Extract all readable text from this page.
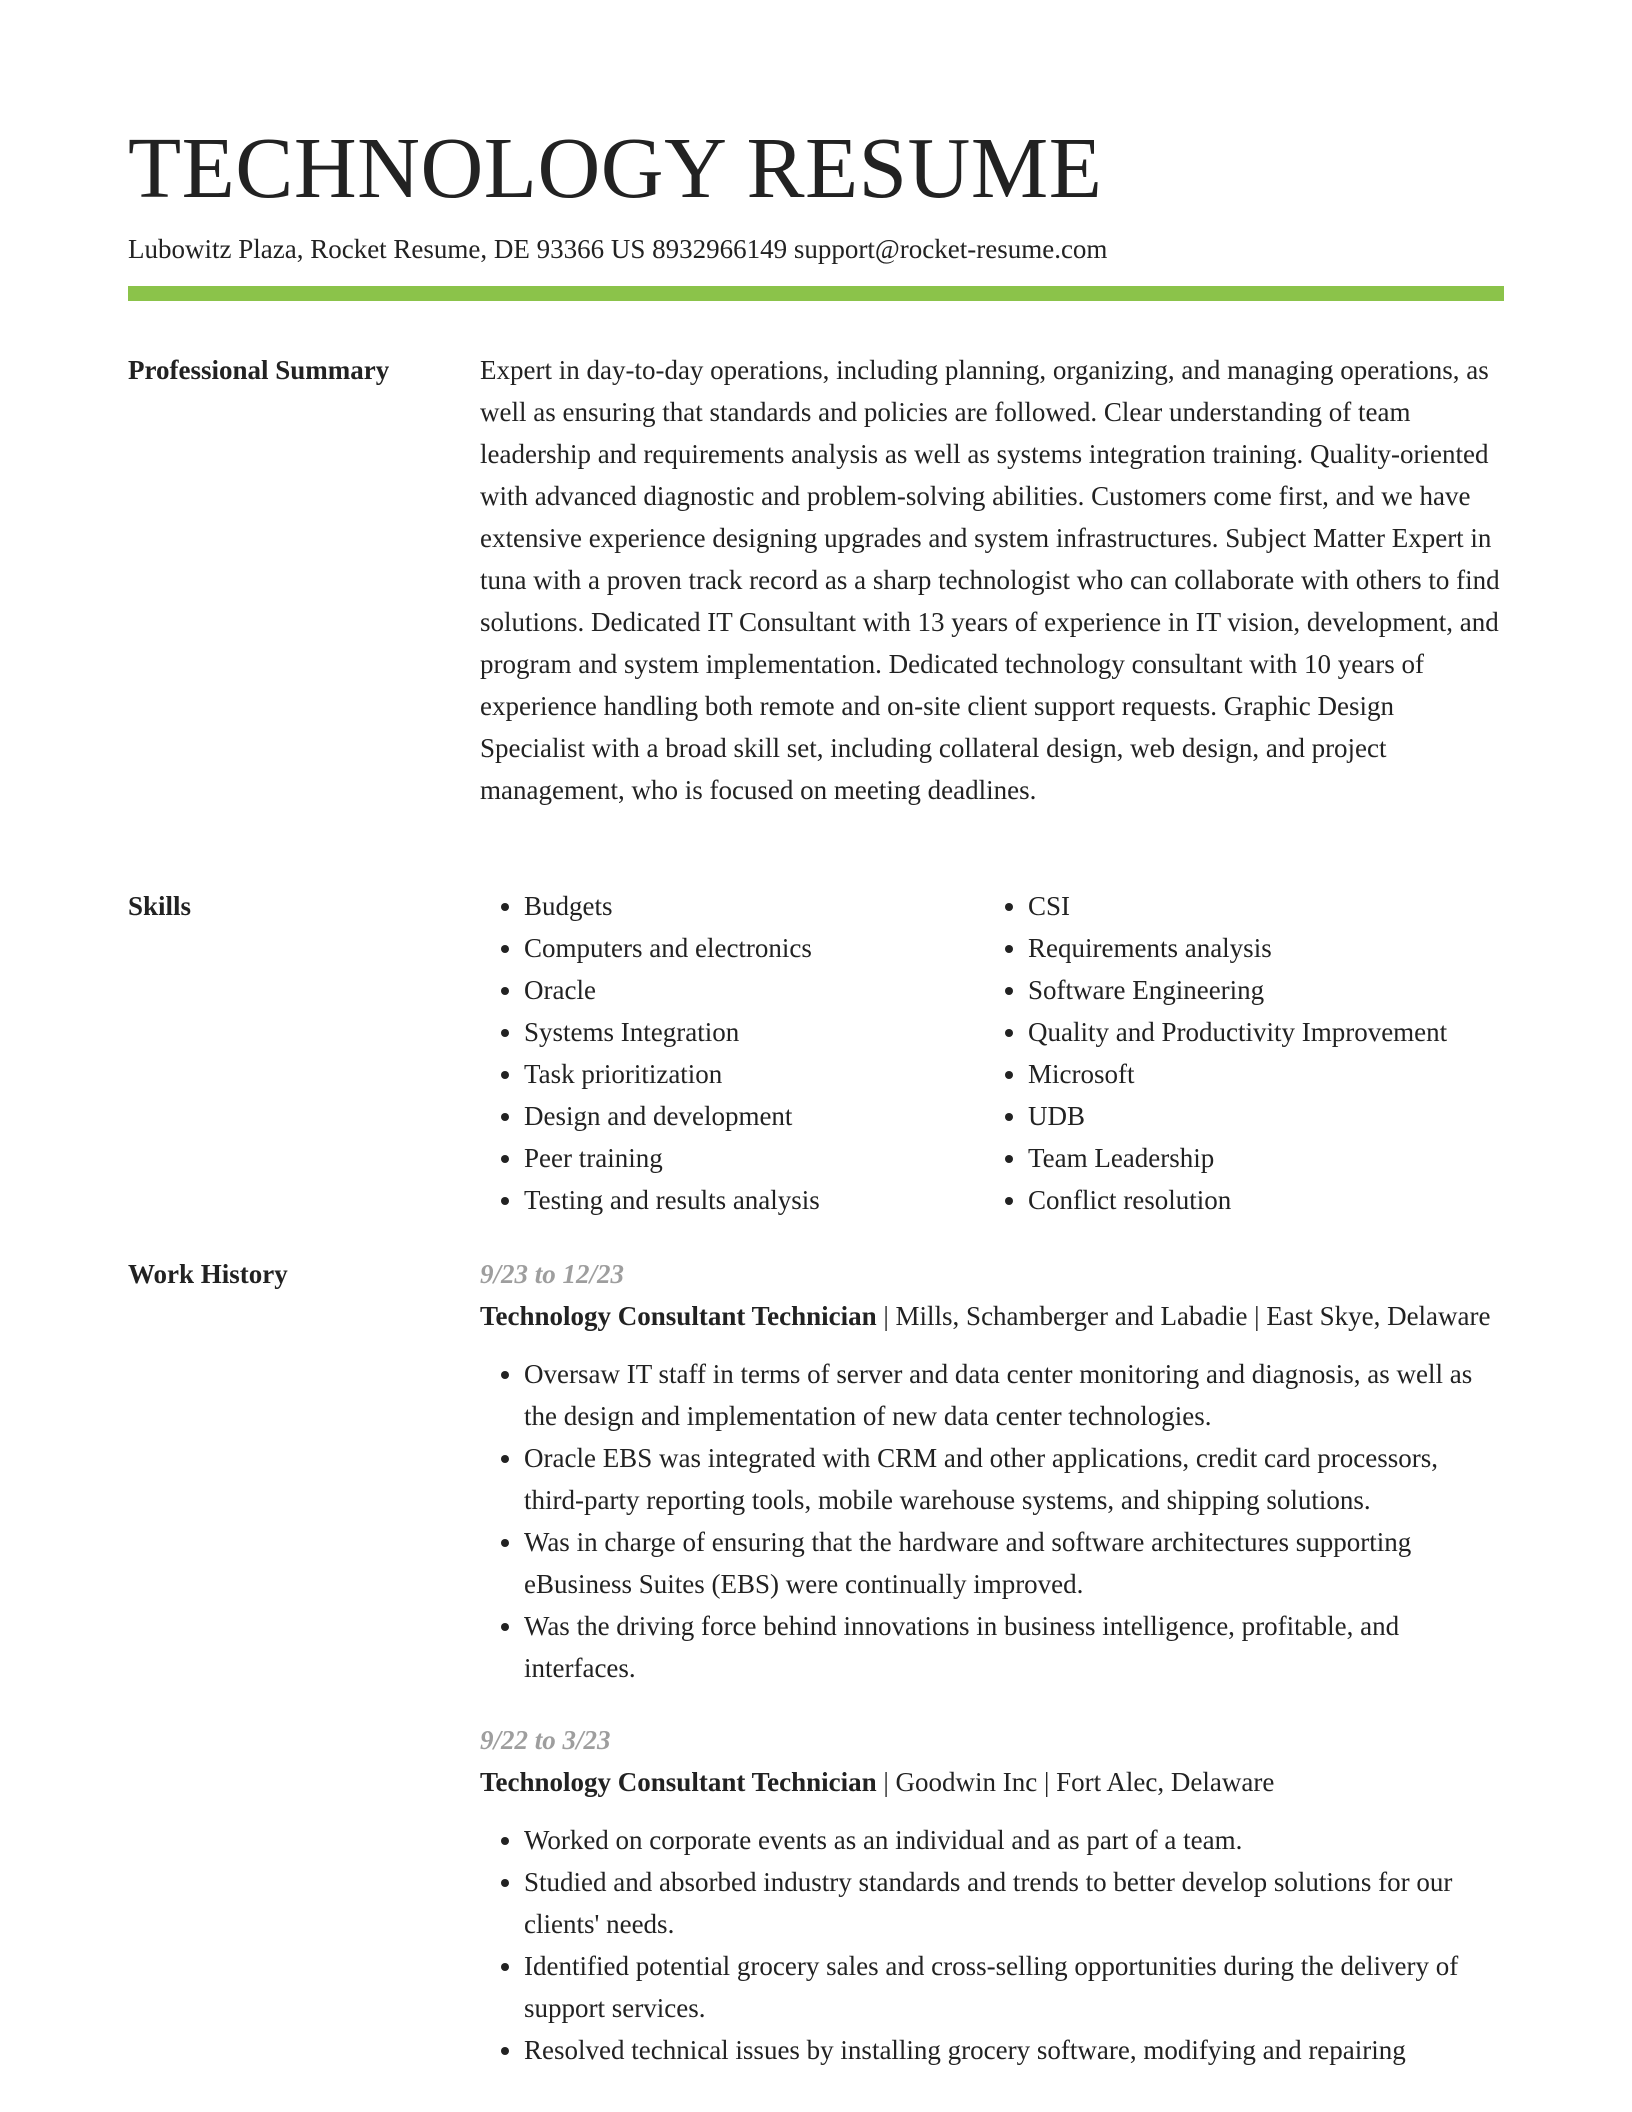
TECHNOLOGY RESUME
Lubowitz Plaza, Rocket Resume, DE 93366 US 8932966149 support@rocket-resume.com
Professional Summary	Expert in day-to-day operations, including planning, organizing, and managing operations, as well as ensuring that standards and policies are followed. Clear understanding of team leadership and requirements analysis as well as systems integration training. Quality-oriented with advanced diagnostic and problem-solving abilities. Customers come first, and we have extensive experience designing upgrades and system infrastructures. Subject Matter Expert in tuna with a proven track record as a sharp technologist who can collaborate with others to find solutions. Dedicated IT Consultant with 13 years of experience in IT vision, development, and program and system implementation. Dedicated technology consultant with 10 years of experience handling both remote and on-site client support requests. Graphic Design Specialist with a broad skill set, including collateral design, web design, and project management, who is focused on meeting deadlines.

Skills
•	Budgets
• Computers and electronics
• Oracle
• Systems Integration
• Task prioritization
• Design and development
• Peer training
• Testing and results analysis
• CSI
• Requirements analysis
• Software Engineering
• Quality and Productivity Improvement
• Microsoft
• UDB
• Team Leadership
• Conflict resolution
Work History	9/23 to 12/23

Technology Consultant Technician | Mills, Schamberger and Labadie | East Skye, Delaware

• Oversaw IT staff in terms of server and data center monitoring and diagnosis, as well as the design and implementation of new data center technologies.
• Oracle EBS was integrated with CRM and other applications, credit card processors, third-party reporting tools, mobile warehouse systems, and shipping solutions.
• Was in charge of ensuring that the hardware and software architectures supporting eBusiness Suites (EBS) were continually improved.
• Was the driving force behind innovations in business intelligence, profitable, and interfaces.

9/22 to 3/23

Technology Consultant Technician | Goodwin Inc | Fort Alec, Delaware

• Worked on corporate events as an individual and as part of a team.
• Studied and absorbed industry standards and trends to better develop solutions for our clients' needs.
• Identified potential grocery sales and cross-selling opportunities during the delivery of support services.
• Resolved technical issues by installing grocery software, modifying and repairing
